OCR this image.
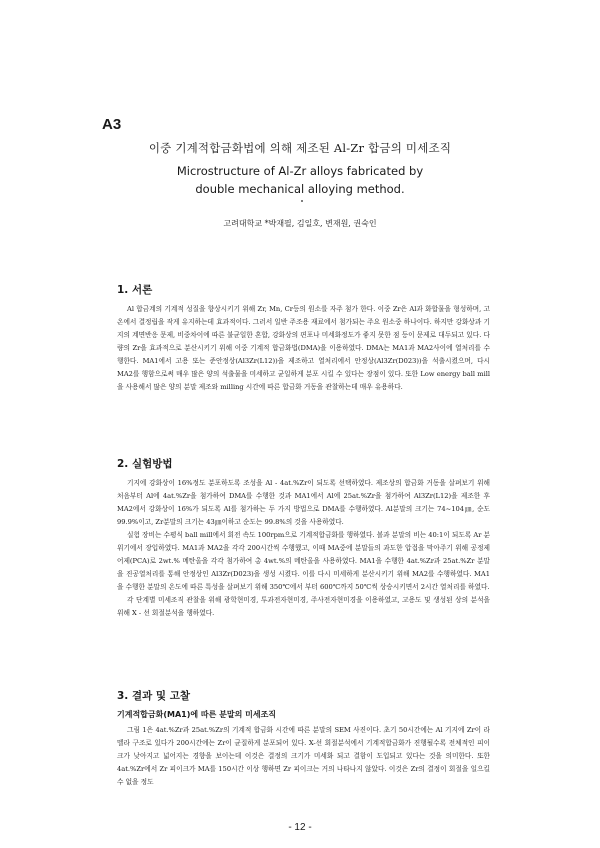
A3

이중 기계적합금화법에 의해 제조된 Al-Zr 합금의 미세조직

Microstructure of Al-Zr alloys fabricated by

double mechanical alloying method.

고려대학교 *박재필, 김일호, 변재원, 권숙인
1. 서론

Al 합금계의 기계적 성질을 향상시키기 위해 Zr, Mn, Cr등의 원소를 자주 첨가 한다. 이중 Zr은 Al과 화합물을 형성하며, 고온에서 결정립을 작게 유지하는데 효과적이다. 그러서 일반 주조용 재료에서 첨가되는 주요 원소중 하나이다. 하지만 강화상과 기지의 계면반응 문제, 비중차이에 따른 불균일한 혼합, 강화상의 편포나 미세화정도가 좋지 못한 점 등이 문제로 대두되고 있다. 다량의 Zr을 효과적으로 분산시키기 위해 이중 기계적 합금화법(DMA)을 이용하였다. DMA는 MA1과 MA2사이에 열처리를 수행한다. MA1에서 고용 또는 준안정상(Al3Zr(L12))을 제조하고 열처리에서 안정상(Al3Zr(D023))을 석출시켰으며, 다시 MA2를 행함으로써 매우 많은 양의 석출물을 미세하고 균일하게 분포 시킬 수 있다는 장점이 있다. 또한 Low energy ball mill을 사용해서 많은 양의 분말 제조와 milling 시간에 따른 합금화 거동을 관찰하는데 매우 유용하다.

2. 실험방법

기지에 강화상이 16%정도 분포하도록 조성을 Al - 4at.%Zr이 되도록 선택하였다. 제조상의 합금화 거동을 살펴보기 위해 처음부터 Al에 4at.%Zr을 첨가하여 DMA를 수행한 것과 MA1에서 Al에 25at.%Zr을 첨가하여 Al3Zr(L12)을 제조한 후 MA2에서 강화상이 16%가 되도록 Al를 첨가하는 두 가지 방법으로 DMA를 수행하였다. Al분말의 크기는 74~104㎛, 순도 99.9%이고, Zr분말의 크기는 43㎛이하고 순도는 99.8%의 것을 사용하였다.

실험 장비는 수평식 ball mill에서 회전 속도 100rpm으로 기계적합금화를 행하였다. 볼과 분말의 비는 40:1이 되도록 Ar 분위기에서 장입하였다. MA1과 MA2을 각각 200시간씩 수행했고, 이때 MA중에 분말들의 과도한 압접을 막아주기 위해 공정제어제(PCA)로 2wt.% 메탄올을 각각 첨가하여 총 4wt.%의 메탄올을 사용하였다. MA1을 수행한 4at.%Zr과 25at.%Zr 분말을 진공열처리를 통해 안정상인 Al3Zr(D023)을 생성 시켰다. 이를 다시 미세하게 분산시키기 위해 MA2를 수행하였다. MA1을 수행한 분말의 온도에 따른 특성을 살펴보기 위해 350℃에서 부터 600℃까지 50℃씩 상승시키면서 2시간 열처리를 하였다.

각 단계별 미세조직 관찰을 위해 광학현미경, 투과전자현미경, 주사전자현미경을 이용하였고, 고용도 및 생성된 상의 분석을 위해 X - 선 회절분석을 행하였다.

3. 결과 및 고찰
기계적합금화(MA1)에 따른 분말의 미세조직

그림 1은 4at.%Zr과 25at.%Zr의 기계적 합금화 시간에 따른 분말의 SEM 사진이다. 초기 50시간에는 Al 기지에 Zr이 라멜라 구조로 있다가 200시간에는 Zr이 균질하게 분포되어 있다. X-선 회절분석에서 기계적합금화가 진행될수록 전체적인 피이크가 낮아지고 넓어지는 경향을 보이는데 이것은 결정의 크기가 미세화 되고 결함이 도입되고 있다는 것을 의미한다. 또한 4at.%Zr에서 Zr 피이크가 MA를 150시간 이상 행하면 Zr 피이크는 거의 나타나지 않았다. 이것은 Zr의 결정이 회절을 일으킬 수 없을 정도

- 12 -
